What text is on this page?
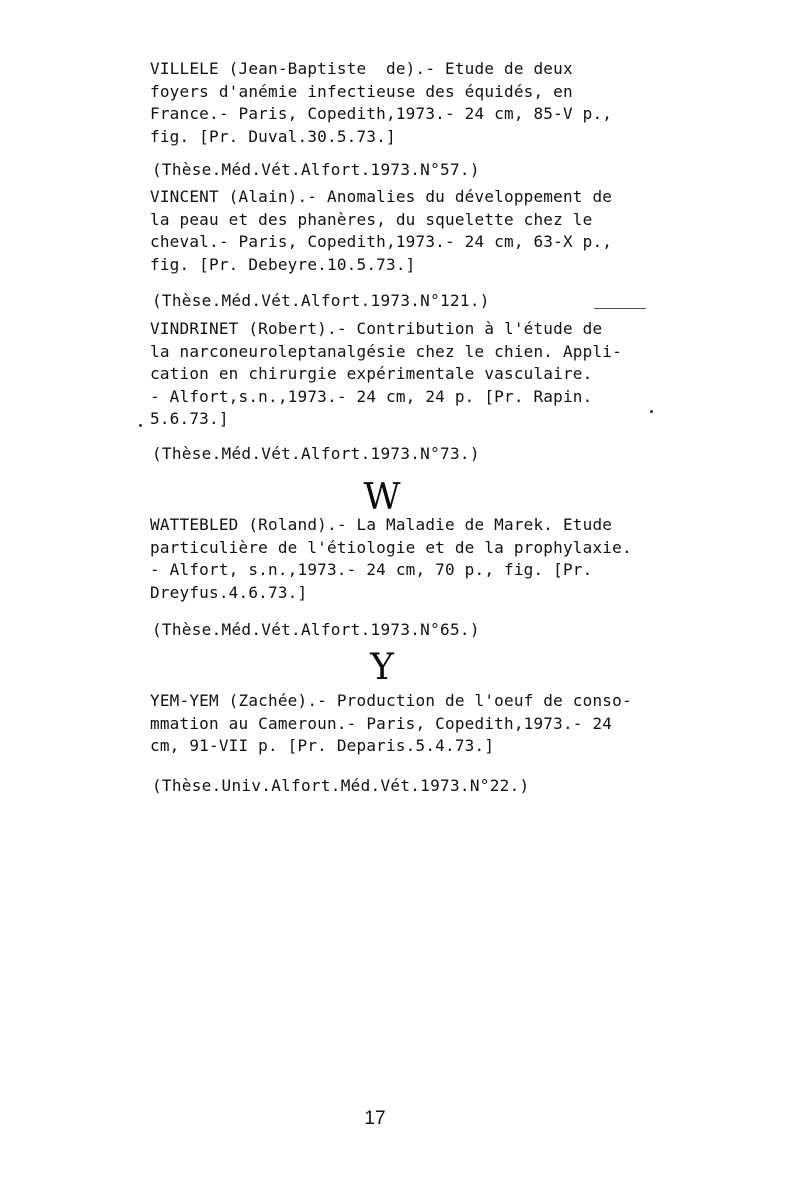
VILLELE (Jean-Baptiste  de).- Etude de deux
foyers d'anémie infectieuse des équidés, en
France.- Paris, Copedith,1973.- 24 cm, 85-V p.,
fig. [Pr. Duval.30.5.73.]
(Thèse.Méd.Vét.Alfort.1973.N°57.)
VINCENT (Alain).- Anomalies du développement de
la peau et des phanères, du squelette chez le
cheval.- Paris, Copedith,1973.- 24 cm, 63-X p.,
fig. [Pr. Debeyre.10.5.73.]
(Thèse.Méd.Vét.Alfort.1973.N°121.)
VINDRINET (Robert).- Contribution à l'étude de
la narconeuroleptanalgésie chez le chien. Appli-
cation en chirurgie expérimentale vasculaire.
- Alfort,s.n.,1973.- 24 cm, 24 p. [Pr. Rapin.
5.6.73.]
(Thèse.Méd.Vét.Alfort.1973.N°73.)
W
WATTEBLED (Roland).- La Maladie de Marek. Etude
particulière de l'étiologie et de la prophylaxie.
- Alfort, s.n.,1973.- 24 cm, 70 p., fig. [Pr.
Dreyfus.4.6.73.]
(Thèse.Méd.Vét.Alfort.1973.N°65.)
Y
YEM-YEM (Zachée).- Production de l'oeuf de conso-
mmation au Cameroun.- Paris, Copedith,1973.- 24
cm, 91-VII p. [Pr. Deparis.5.4.73.]
(Thèse.Univ.Alfort.Méd.Vét.1973.N°22.)
17
